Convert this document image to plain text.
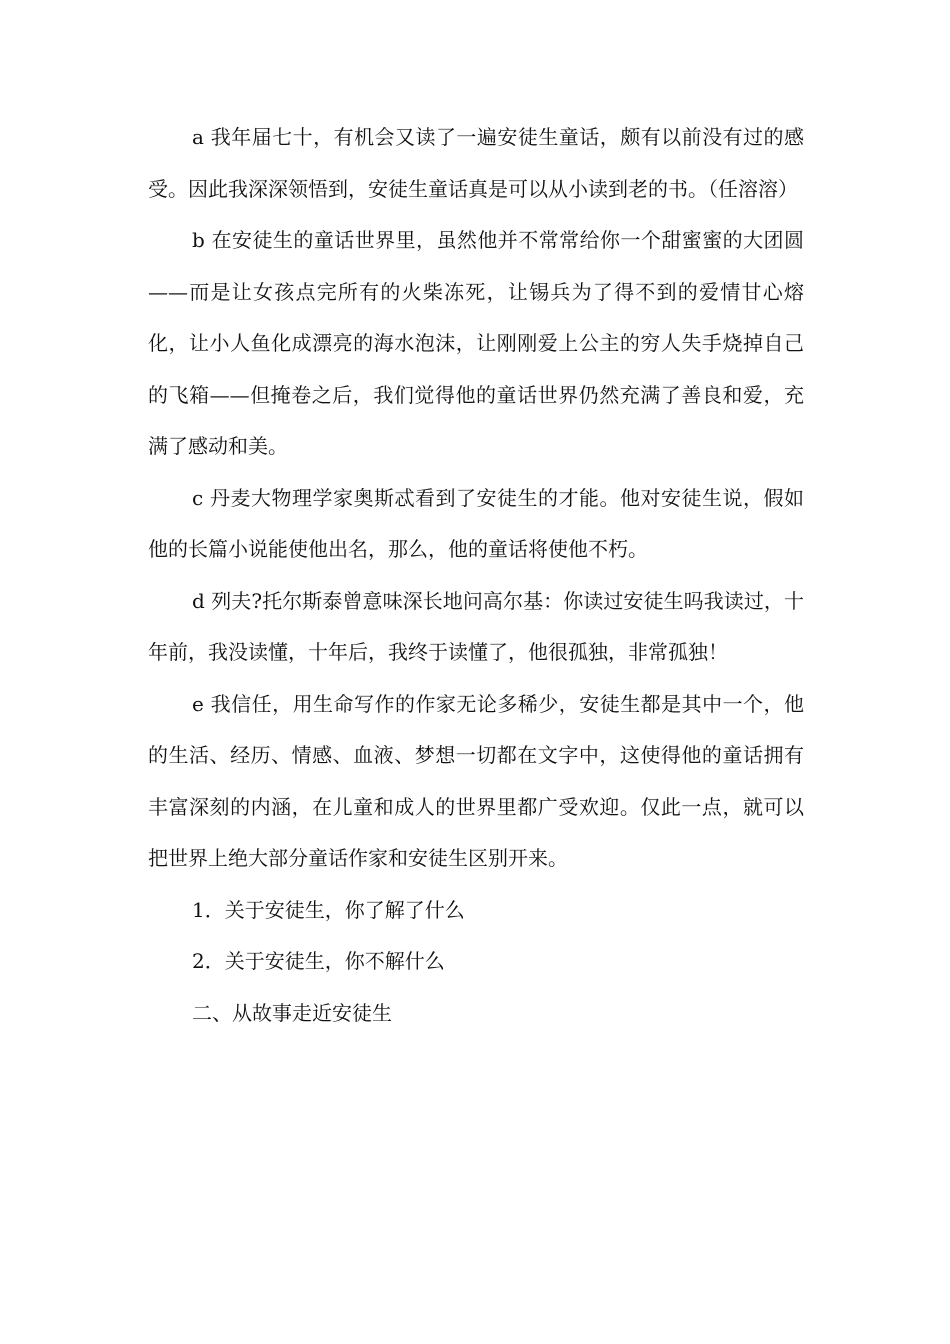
a 我年届七十，有机会又读了一遍安徒生童话，颇有以前没有过的感受。因此我深深领悟到，安徒生童话真是可以从小读到老的书。（任溶溶）

b 在安徒生的童话世界里，虽然他并不常常给你一个甜蜜蜜的大团圆——而是让女孩点完所有的火柴冻死，让锡兵为了得不到的爱情甘心熔化，让小人鱼化成漂亮的海水泡沫，让刚刚爱上公主的穷人失手烧掉自己的飞箱——但掩卷之后，我们觉得他的童话世界仍然充满了善良和爱，充满了感动和美。

c 丹麦大物理学家奥斯忒看到了安徒生的才能。他对安徒生说，假如他的长篇小说能使他出名，那么，他的童话将使他不朽。

d 列夫?托尔斯泰曾意味深长地问高尔基：你读过安徒生吗我读过，十年前，我没读懂，十年后，我终于读懂了，他很孤独，非常孤独！

e 我信任，用生命写作的作家无论多稀少，安徒生都是其中一个，他的生活、经历、情感、血液、梦想一切都在文字中，这使得他的童话拥有丰富深刻的内涵，在儿童和成人的世界里都广受欢迎。仅此一点，就可以把世界上绝大部分童话作家和安徒生区别开来。

1．关于安徒生，你了解了什么

2．关于安徒生，你不解什么

二、从故事走近安徒生
